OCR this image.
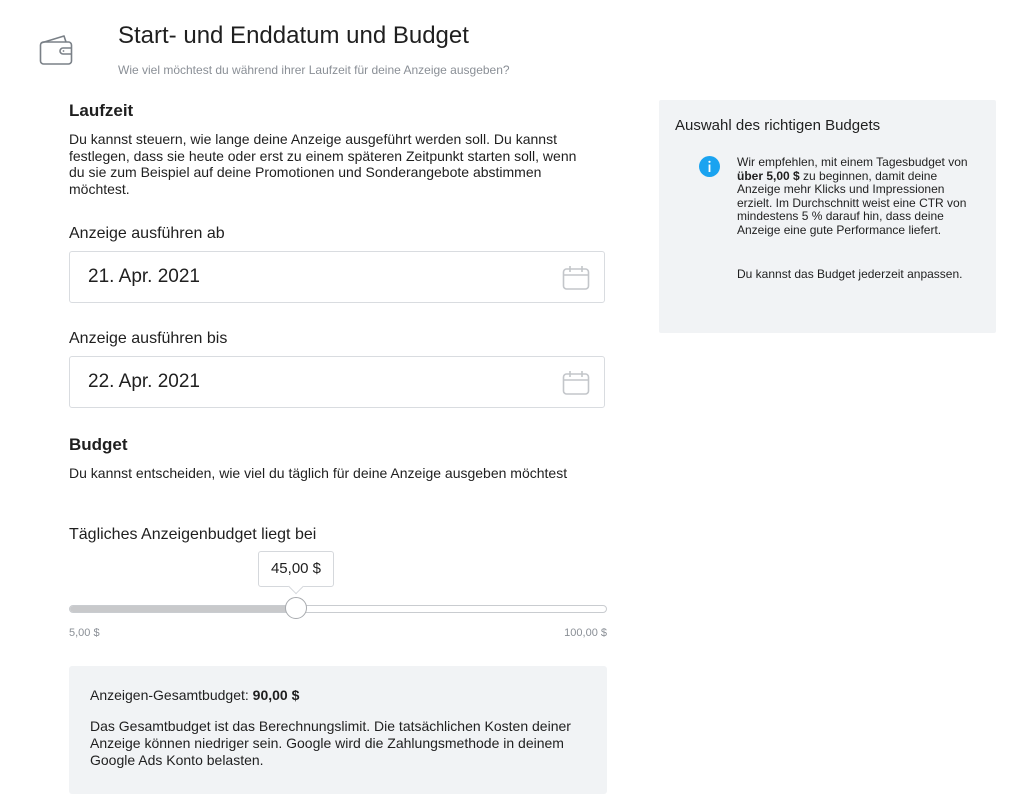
Start- und Enddatum und Budget
Wie viel möchtest du während ihrer Laufzeit für deine Anzeige ausgeben?
Laufzeit

Du kannst steuern, wie lange deine Anzeige ausgeführt werden soll. Du kannst festlegen, dass sie heute oder erst zu einem späteren Zeitpunkt starten soll, wenn du sie zum Beispiel auf deine Promotionen und Sonderangebote abstimmen möchtest.

Anzeige ausführen ab
21. Apr. 2021
Anzeige ausführen bis
22. Apr. 2021
Budget

Du kannst entscheiden, wie viel du täglich für deine Anzeige ausgeben möchtest

Tägliches Anzeigenbudget liegt bei
45,00 $
5,00 $	100,00 $

Anzeigen-Gesamtbudget: 90,00 $

Das Gesamtbudget ist das Berechnungslimit. Die tatsächlichen Kosten deiner Anzeige können niedriger sein. Google wird die Zahlungsmethode in deinem Google Ads Konto belasten.

Auswahl des richtigen Budgets

Wir empfehlen, mit einem Tagesbudget von über 5,00 $ zu beginnen, damit deine Anzeige mehr Klicks und Impressionen erzielt. Im Durchschnitt weist eine CTR von mindestens 5 % darauf hin, dass deine Anzeige eine gute Performance liefert.

Du kannst das Budget jederzeit anpassen.
